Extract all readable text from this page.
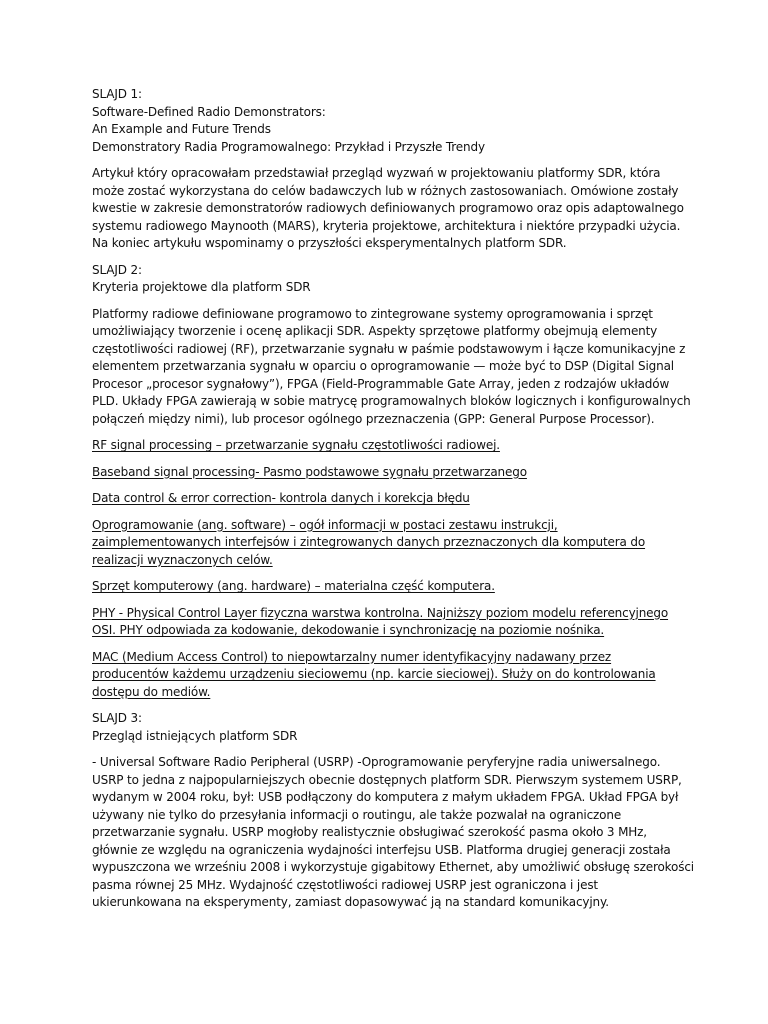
SLAJD 1:
Software-Defined Radio Demonstrators:
An Example and Future Trends
Demonstratory Radia Programowalnego: Przykład i Przyszłe Trendy
Artykuł który opracowałam przedstawiał przegląd wyzwań w projektowaniu platformy SDR, która
może zostać wykorzystana do celów badawczych lub w różnych zastosowaniach. Omówione zostały
kwestie w zakresie demonstratorów radiowych definiowanych programowo oraz opis adaptowalnego
systemu radiowego Maynooth (MARS), kryteria projektowe, architektura i niektóre przypadki użycia.
Na koniec artykułu wspominamy o przyszłości eksperymentalnych platform SDR.
SLAJD 2:
Kryteria projektowe dla platform SDR
Platformy radiowe definiowane programowo to zintegrowane systemy oprogramowania i sprzęt
umożliwiający tworzenie i ocenę aplikacji SDR. Aspekty sprzętowe platformy obejmują elementy
częstotliwości radiowej (RF), przetwarzanie sygnału w paśmie podstawowym i łącze komunikacyjne z
elementem przetwarzania sygnału w oparciu o oprogramowanie — może być to DSP (Digital Signal
Procesor „procesor sygnałowy”), FPGA (Field-Programmable Gate Array, jeden z rodzajów układów
PLD. Układy FPGA zawierają w sobie matrycę programowalnych bloków logicznych i konfigurowalnych
połączeń między nimi), lub procesor ogólnego przeznaczenia (GPP: General Purpose Processor).
RF signal processing – przetwarzanie sygnału częstotliwości radiowej.
Baseband signal processing- Pasmo podstawowe sygnału przetwarzanego
Data control & error correction- kontrola danych i korekcja błędu
Oprogramowanie (ang. software) – ogół informacji w postaci zestawu instrukcji,
zaimplementowanych interfejsów i zintegrowanych danych przeznaczonych dla komputera do
realizacji wyznaczonych celów.
Sprzęt komputerowy (ang. hardware) – materialna część komputera.
PHY - Physical Control Layer fizyczna warstwa kontrolna. Najniższy poziom modelu referencyjnego
OSI. PHY odpowiada za kodowanie, dekodowanie i synchronizację na poziomie nośnika.
MAC (Medium Access Control) to niepowtarzalny numer identyfikacyjny nadawany przez
producentów każdemu urządzeniu sieciowemu (np. karcie sieciowej). Służy on do kontrolowania
dostępu do mediów.
SLAJD 3:
Przegląd istniejących platform SDR
- Universal Software Radio Peripheral (USRP) -Oprogramowanie peryferyjne radia uniwersalnego.
USRP to jedna z najpopularniejszych obecnie dostępnych platform SDR. Pierwszym systemem USRP,
wydanym w 2004 roku, był: USB podłączony do komputera z małym układem FPGA. Układ FPGA był
używany nie tylko do przesyłania informacji o routingu, ale także pozwalał na ograniczone
przetwarzanie sygnału. USRP mogłoby realistycznie obsługiwać szerokość pasma około 3 MHz,
głównie ze względu na ograniczenia wydajności interfejsu USB. Platforma drugiej generacji została
wypuszczona we wrześniu 2008 i wykorzystuje gigabitowy Ethernet, aby umożliwić obsługę szerokości
pasma równej 25 MHz. Wydajność częstotliwości radiowej USRP jest ograniczona i jest
ukierunkowana na eksperymenty, zamiast dopasowywać ją na standard komunikacyjny.
